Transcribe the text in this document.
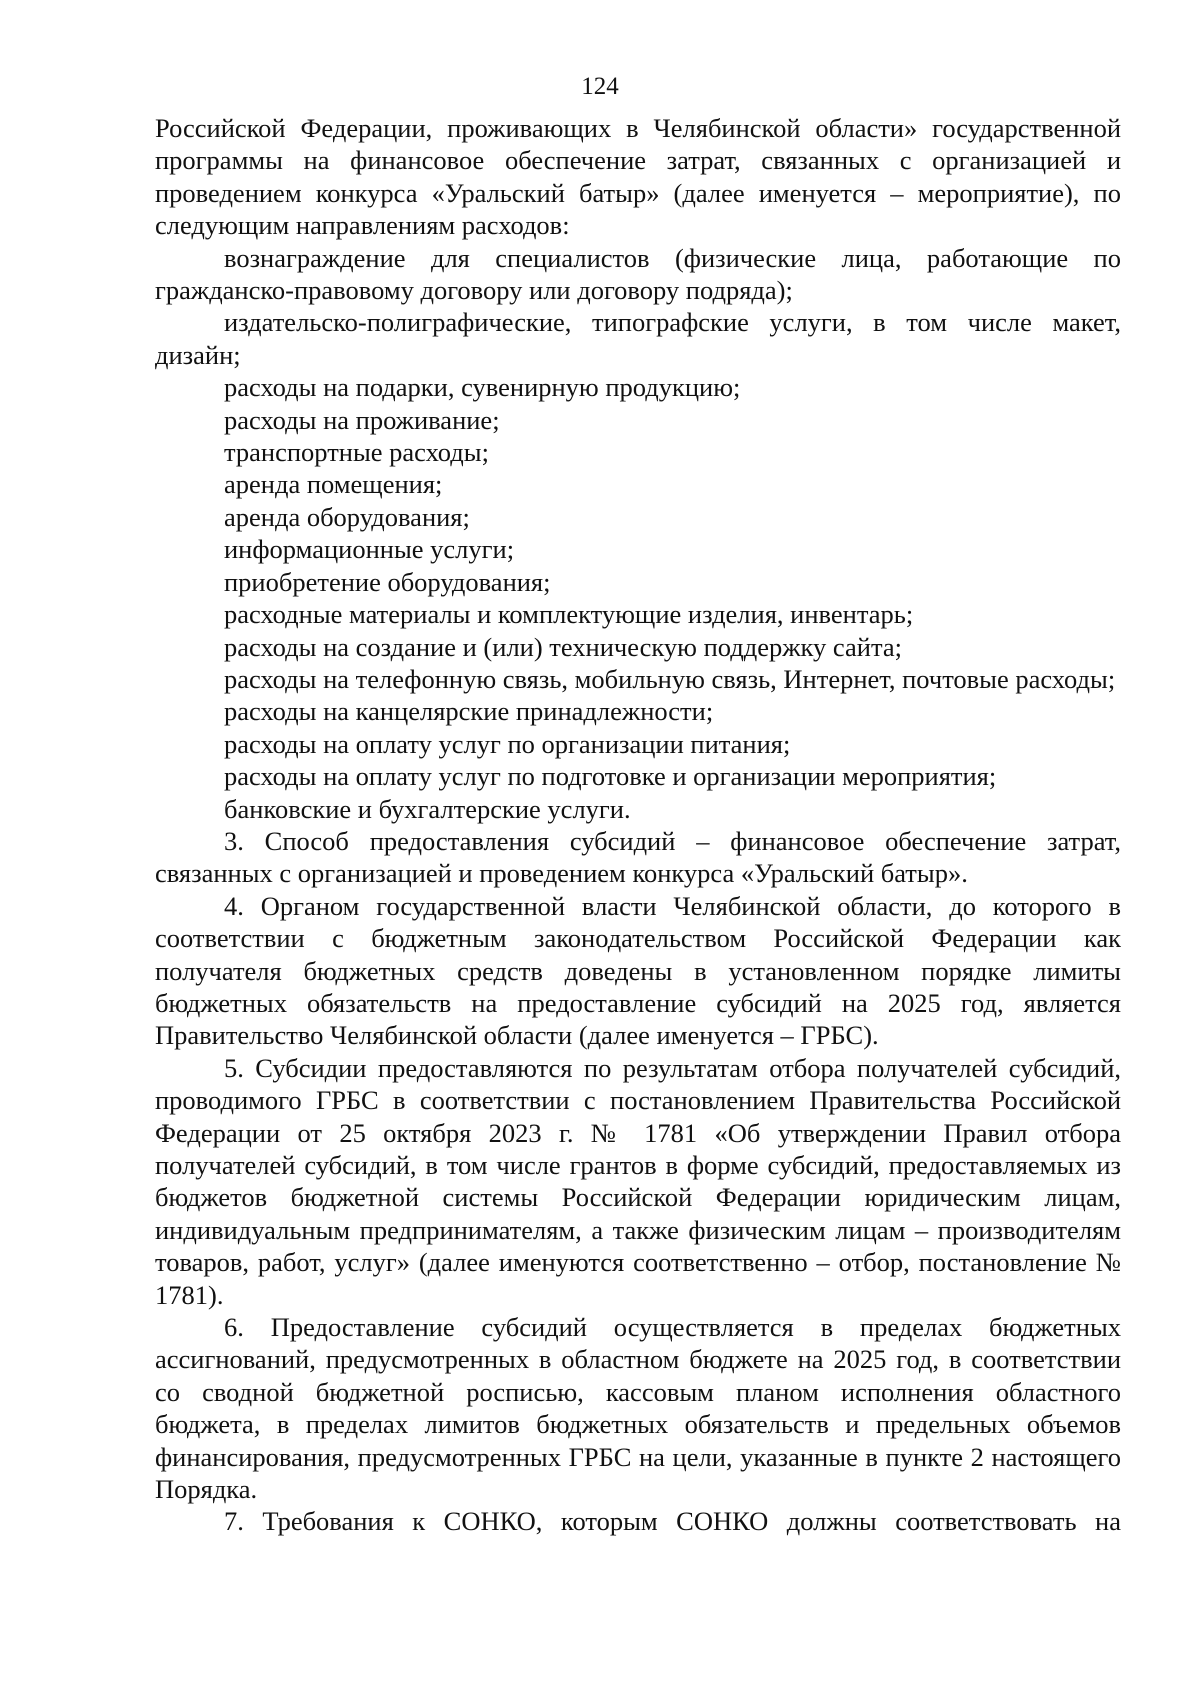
124

Российской Федерации, проживающих в Челябинской области» государственной программы на финансовое обеспечение затрат, связанных с организацией и проведением конкурса «Уральский батыр» (далее именуется – мероприятие), по следующим направлениям расходов:

вознаграждение для специалистов (физические лица, работающие по гражданско-правовому договору или договору подряда);

издательско-полиграфические, типографские услуги, в том числе макет, дизайн;

расходы на подарки, сувенирную продукцию;

расходы на проживание;

транспортные расходы;

аренда помещения;

аренда оборудования;

информационные услуги;

приобретение оборудования;

расходные материалы и комплектующие изделия, инвентарь;

расходы на создание и (или) техническую поддержку сайта;

расходы на телефонную связь, мобильную связь, Интернет, почтовые расходы;

расходы на канцелярские принадлежности;

расходы на оплату услуг по организации питания;

расходы на оплату услуг по подготовке и организации мероприятия;

банковские и бухгалтерские услуги.

3. Способ предоставления субсидий – финансовое обеспечение затрат, связанных с организацией и проведением конкурса «Уральский батыр».

4. Органом государственной власти Челябинской области, до которого в соответствии с бюджетным законодательством Российской Федерации как получателя бюджетных средств доведены в установленном порядке лимиты бюджетных обязательств на предоставление субсидий на 2025 год, является Правительство Челябинской области (далее именуется – ГРБС).

5. Субсидии предоставляются по результатам отбора получателей субсидий, проводимого ГРБС в соответствии с постановлением Правительства Российской Федерации от 25 октября 2023 г. № 1781 «Об утверждении Правил отбора получателей субсидий, в том числе грантов в форме субсидий, предоставляемых из бюджетов бюджетной системы Российской Федерации юридическим лицам, индивидуальным предпринимателям, а также физическим лицам – производителям товаров, работ, услуг» (далее именуются соответственно – отбор, постановление № 1781).

6. Предоставление субсидий осуществляется в пределах бюджетных ассигнований, предусмотренных в областном бюджете на 2025 год, в соответствии со сводной бюджетной росписью, кассовым планом исполнения областного бюджета, в пределах лимитов бюджетных обязательств и предельных объемов финансирования, предусмотренных ГРБС на цели, указанные в пункте 2 настоящего Порядка.

7. Требования к СОНКО, которым СОНКО должны соответствовать на
